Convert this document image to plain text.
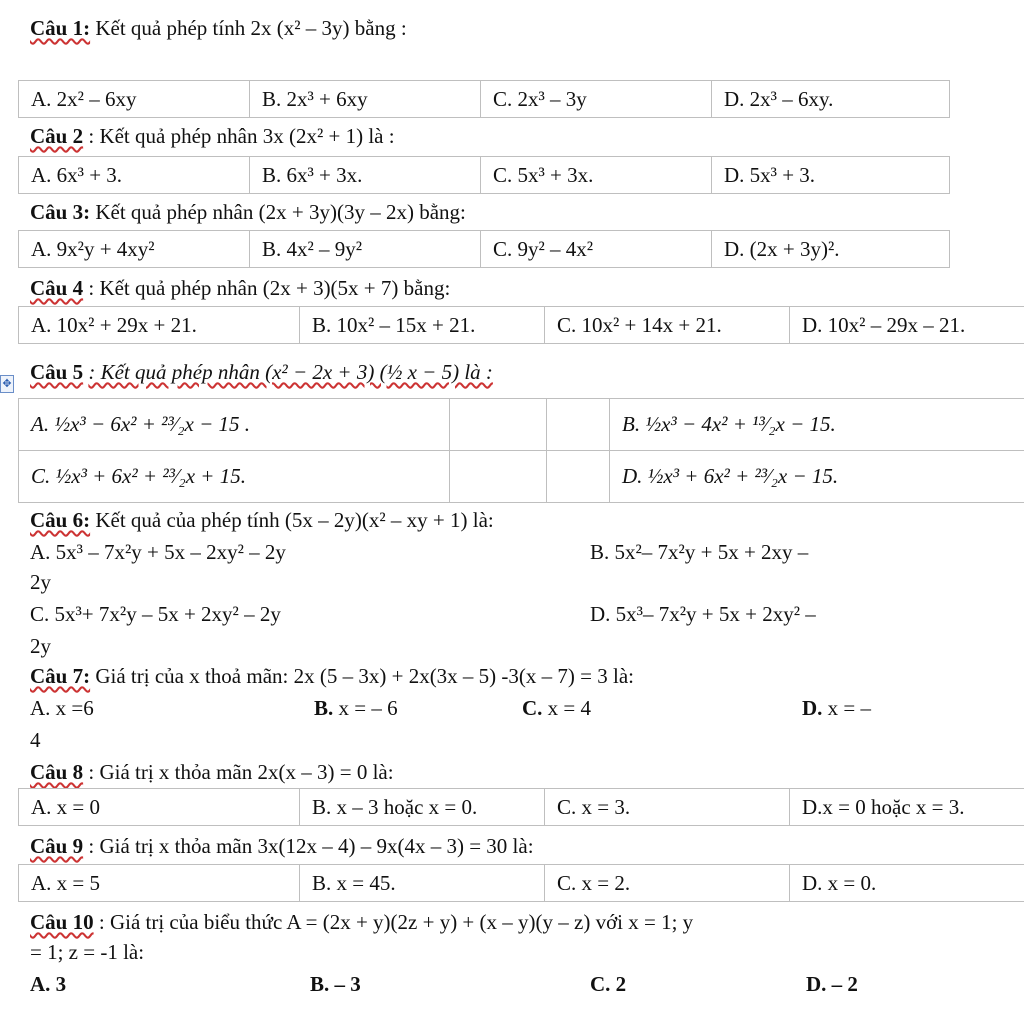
Câu 1: Kết quả phép tính 2x (x² – 3y) bằng :
A. 2x² – 6xy	B. 2x³ + 6xy	C. 2x³ – 3y	D. 2x³ – 6xy.
Câu 2 : Kết quả phép nhân 3x (2x² + 1) là :
A. 6x³ + 3.	B. 6x³ + 3x.	C. 5x³ + 3x.	D. 5x³ + 3.
Câu 3: Kết quả phép nhân (2x + 3y)(3y – 2x) bằng:
A. 9x²y + 4xy²	B. 4x² – 9y²	C. 9y² – 4x²	D. (2x + 3y)².
Câu 4 : Kết quả phép nhân (2x + 3)(5x + 7) bằng:
A. 10x² + 29x + 21.	B. 10x² – 15x + 21.	C. 10x² + 14x + 21.	D. 10x² – 29x – 21.
✥ Câu 5 : Kết quả phép nhân (x² − 2x + 3) (½ x − 5) là :
A. ½x³ − 6x² + ²³⁄₂x − 15 .			B. ½x³ − 4x² + ¹³⁄₂x − 15.
C. ½x³ + 6x² + ²³⁄₂x + 15.			D. ½x³ + 6x² + ²³⁄₂x − 15.
Câu 6: Kết quả của phép tính (5x – 2y)(x² – xy + 1) là:
A. 5x³ – 7x²y + 5x – 2xy² – 2y	B. 5x²– 7x²y + 5x + 2xy –
2y
C. 5x³+ 7x²y – 5x + 2xy² – 2y	D. 5x³– 7x²y + 5x + 2xy² –
2y
Câu 7: Giá trị của x thoả mãn: 2x (5 – 3x) + 2x(3x – 5) -3(x – 7) = 3 là:
A. x =6	B. x = – 6	C. x = 4	D. x = –
4
Câu 8 : Giá trị x thỏa mãn 2x(x – 3) = 0 là:
A. x = 0	B. x – 3 hoặc x = 0.	C. x = 3.	D.x = 0 hoặc x = 3.
Câu 9 : Giá trị x thỏa mãn 3x(12x – 4) – 9x(4x – 3) = 30 là:
A. x = 5	B. x = 45.	C. x = 2.	D. x = 0.
Câu 10 : Giá trị của biểu thức A = (2x + y)(2z + y) + (x – y)(y – z) với x = 1; y
= 1; z = -1 là:
A. 3	B. – 3	C. 2	D. – 2
